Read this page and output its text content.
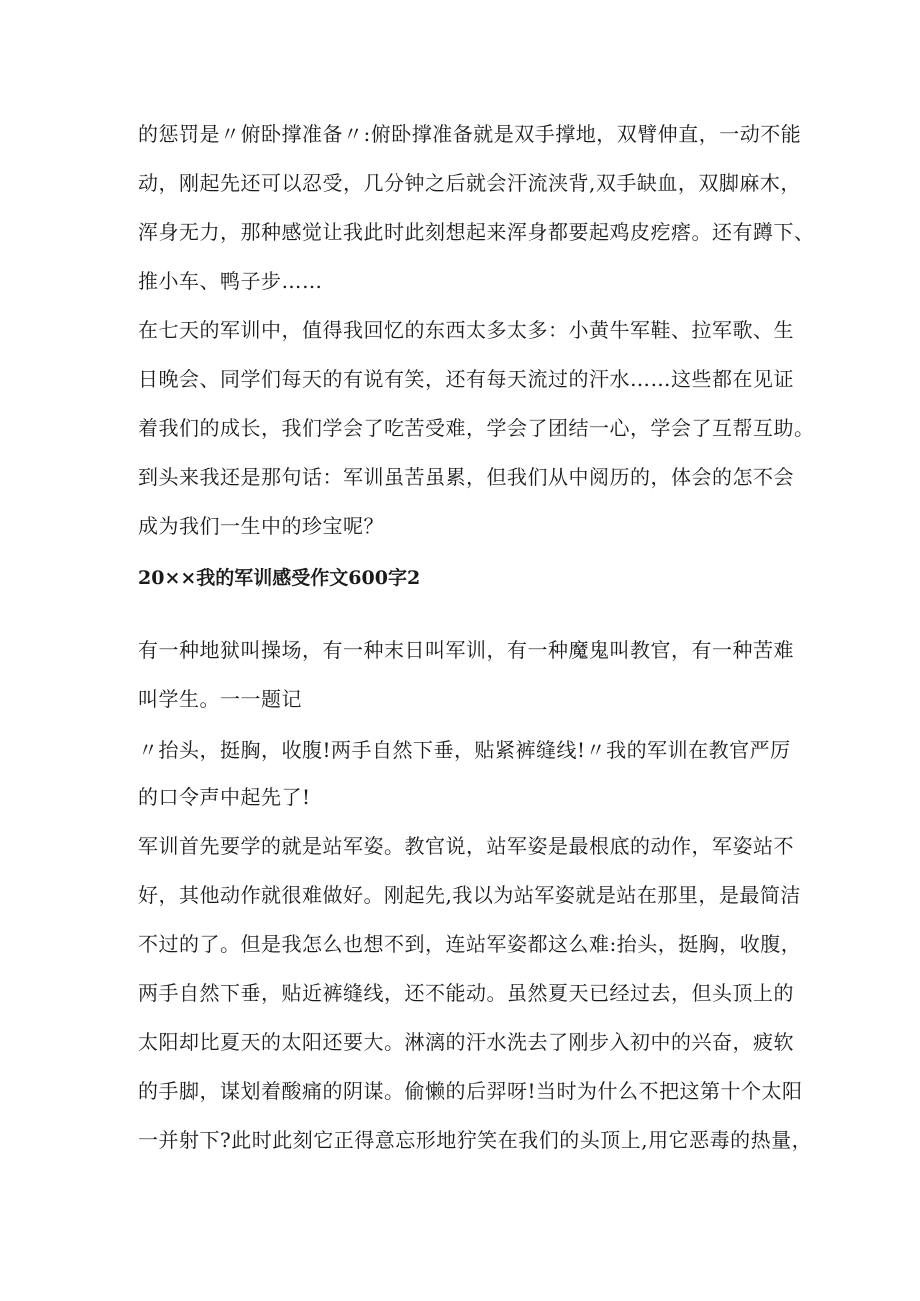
的惩罚是〃俯卧撑准备〃:俯卧撑准备就是双手撑地，双臂伸直，一动不能
动，刚起先还可以忍受，几分钟之后就会汗流浃背,双手缺血，双脚麻木，
浑身无力，那种感觉让我此时此刻想起来浑身都要起鸡皮疙瘩。还有蹲下、
推小车、鸭子步……
在七天的军训中，值得我回忆的东西太多太多：小黄牛军鞋、拉军歌、生
日晚会、同学们每天的有说有笑，还有每天流过的汗水……这些都在见证
着我们的成长，我们学会了吃苦受难，学会了团结一心，学会了互帮互助。
到头来我还是那句话：军训虽苦虽累，但我们从中阅历的，体会的怎不会
成为我们一生中的珍宝呢？
20××我的军训感受作文600字2
有一种地狱叫操场，有一种末日叫军训，有一种魔鬼叫教官，有一种苦难
叫学生。一一题记
〃抬头，挺胸，收腹!两手自然下垂，贴紧裤缝线!〃我的军训在教官严厉
的口令声中起先了!
军训首先要学的就是站军姿。教官说，站军姿是最根底的动作，军姿站不
好，其他动作就很难做好。刚起先,我以为站军姿就是站在那里，是最简洁
不过的了。但是我怎么也想不到，连站军姿都这么难:抬头，挺胸，收腹，
两手自然下垂，贴近裤缝线，还不能动。虽然夏天已经过去，但头顶上的
太阳却比夏天的太阳还要大。淋漓的汗水洗去了刚步入初中的兴奋，疲软
的手脚，谋划着酸痛的阴谋。偷懒的后羿呀!当时为什么不把这第十个太阳
一并射下?此时此刻它正得意忘形地狞笑在我们的头顶上,用它恶毒的热量，
